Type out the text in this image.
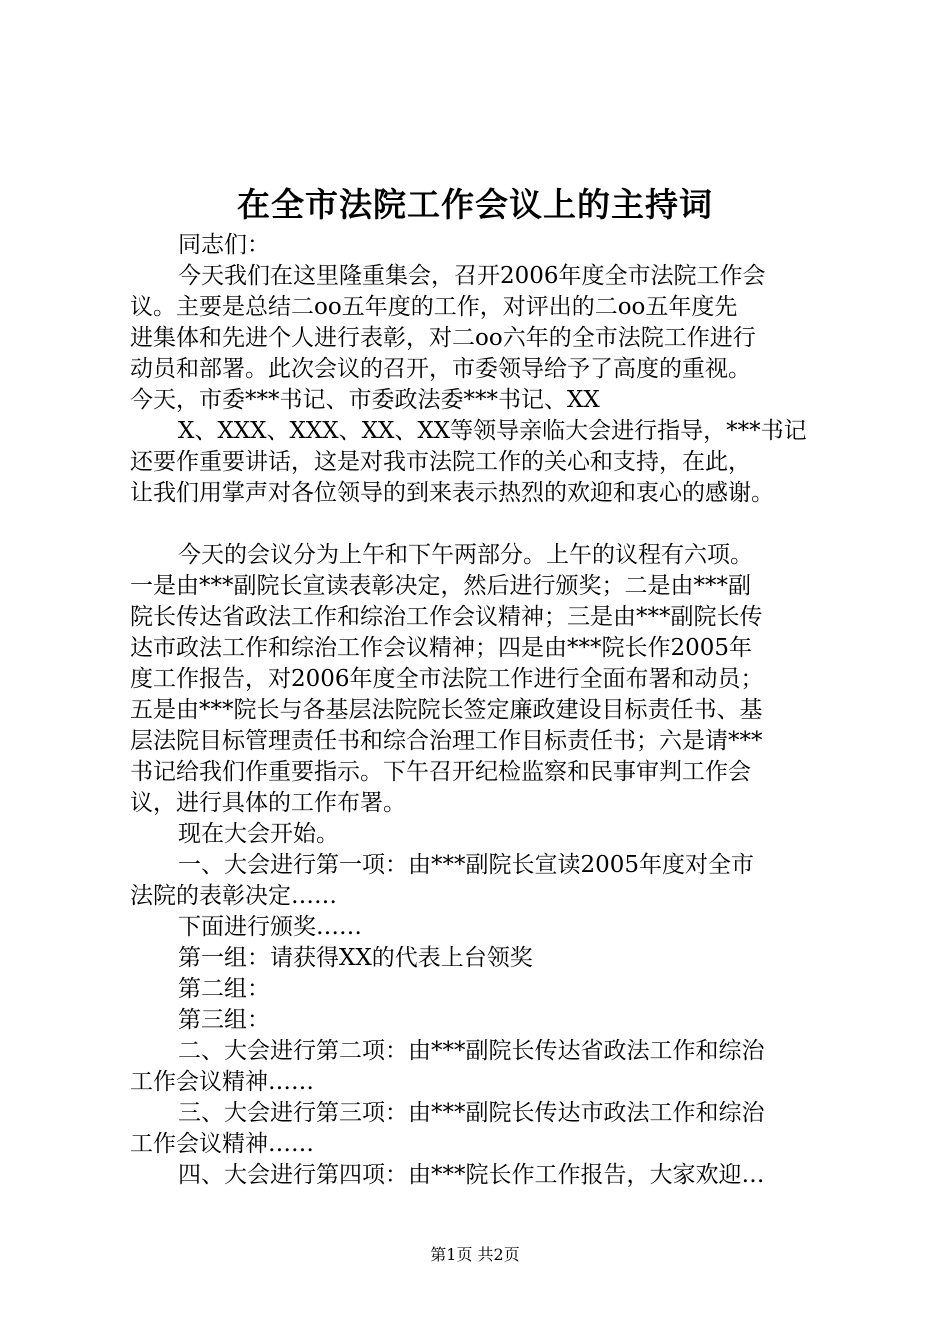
在全市法院工作会议上的主持词
同志们：
今天我们在这里隆重集会，召开2006年度全市法院工作会
议。主要是总结二oo五年度的工作，对评出的二oo五年度先
进集体和先进个人进行表彰，对二oo六年的全市法院工作进行
动员和部署。此次会议的召开，市委领导给予了高度的重视。
今天，市委***书记、市委政法委***书记、XX
X、XXX、XXX、XX、XX等领导亲临大会进行指导，***书记
还要作重要讲话，这是对我市法院工作的关心和支持，在此，
让我们用掌声对各位领导的到来表示热烈的欢迎和衷心的感谢。
今天的会议分为上午和下午两部分。上午的议程有六项。
一是由***副院长宣读表彰决定，然后进行颁奖；二是由***副
院长传达省政法工作和综治工作会议精神；三是由***副院长传
达市政法工作和综治工作会议精神；四是由***院长作2005年
度工作报告，对2006年度全市法院工作进行全面布署和动员；
五是由***院长与各基层法院院长签定廉政建设目标责任书、基
层法院目标管理责任书和综合治理工作目标责任书；六是请***
书记给我们作重要指示。下午召开纪检监察和民事审判工作会
议，进行具体的工作布署。
现在大会开始。
一、大会进行第一项：由***副院长宣读2005年度对全市
法院的表彰决定……
下面进行颁奖……
第一组：请获得XX的代表上台领奖
第二组：
第三组：
二、大会进行第二项：由***副院长传达省政法工作和综治
工作会议精神……
三、大会进行第三项：由***副院长传达市政法工作和综治
工作会议精神……
四、大会进行第四项：由***院长作工作报告，大家欢迎…

第1页 共2页
